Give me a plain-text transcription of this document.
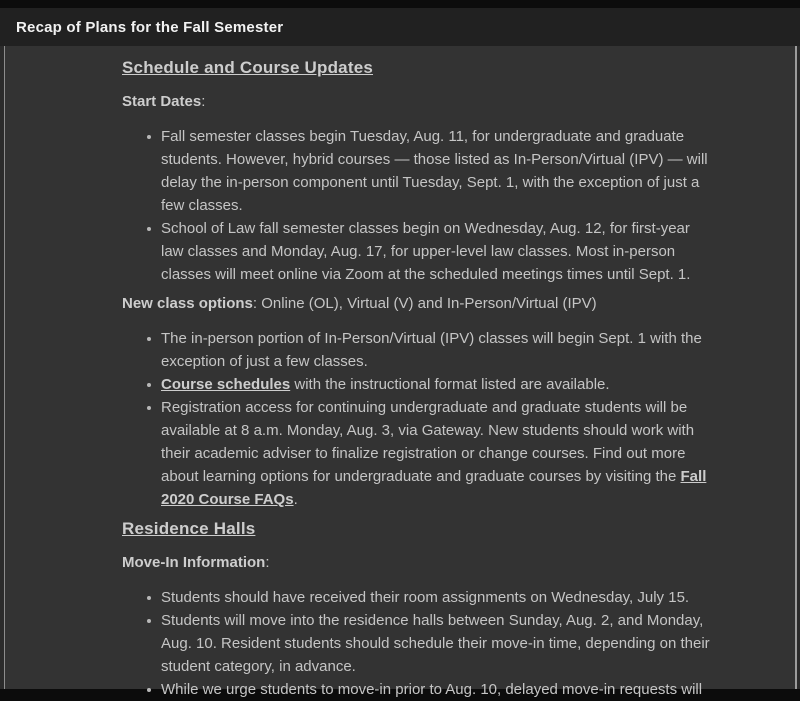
Recap of Plans for the Fall Semester
Schedule and Course Updates

Start Dates:

Fall semester classes begin Tuesday, Aug. 11, for undergraduate and graduate students. However, hybrid courses — those listed as In-Person/Virtual (IPV) — will delay the in-person component until Tuesday, Sept. 1, with the exception of just a few classes.
School of Law fall semester classes begin on Wednesday, Aug. 12, for first-year law classes and Monday, Aug. 17, for upper-level law classes. Most in-person classes will meet online via Zoom at the scheduled meetings times until Sept. 1.

New class options: Online (OL), Virtual (V) and In-Person/Virtual (IPV)

The in-person portion of In-Person/Virtual (IPV) classes will begin Sept. 1 with the exception of just a few classes.
Course schedules with the instructional format listed are available.
Registration access for continuing undergraduate and graduate students will be available at 8 a.m. Monday, Aug. 3, via Gateway. New students should work with their academic adviser to finalize registration or change courses. Find out more about learning options for undergraduate and graduate courses by visiting the Fall 2020 Course FAQs.
Residence Halls

Move-In Information:

Students should have received their room assignments on Wednesday, July 15.
Students will move into the residence halls between Sunday, Aug. 2, and Monday, Aug. 10. Resident students should schedule their move-in time, depending on their student category, in advance.
While we urge students to move-in prior to Aug. 10, delayed move-in requests will
